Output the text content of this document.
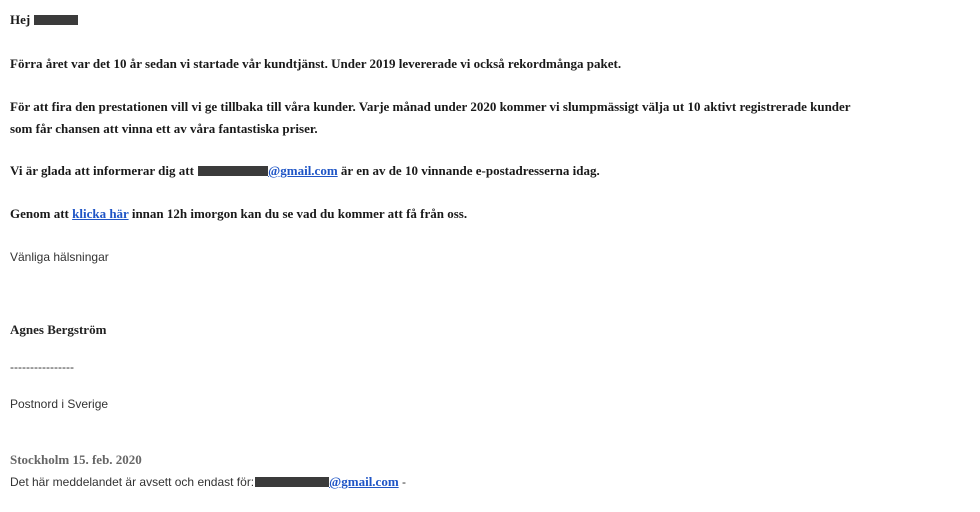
Hej
Förra året var det 10 år sedan vi startade vår kundtjänst. Under 2019 levererade vi också rekordmånga paket.
För att fira den prestationen vill vi ge tillbaka till våra kunder. Varje månad under 2020 kommer vi slumpmässigt välja ut 10 aktivt registrerade kunder
som får chansen att vinna ett av våra fantastiska priser.
Vi är glada att informerar dig att	@gmail.com är en av de 10 vinnande e-postadresserna idag.
Genom att klicka här innan 12h imorgon kan du se vad du kommer att få från oss.
Vänliga hälsningar
Agnes Bergström
----------------
Postnord i Sverige
Stockholm 15. feb. 2020
Det här meddelandet är avsett och endast för:	@gmail.com -
